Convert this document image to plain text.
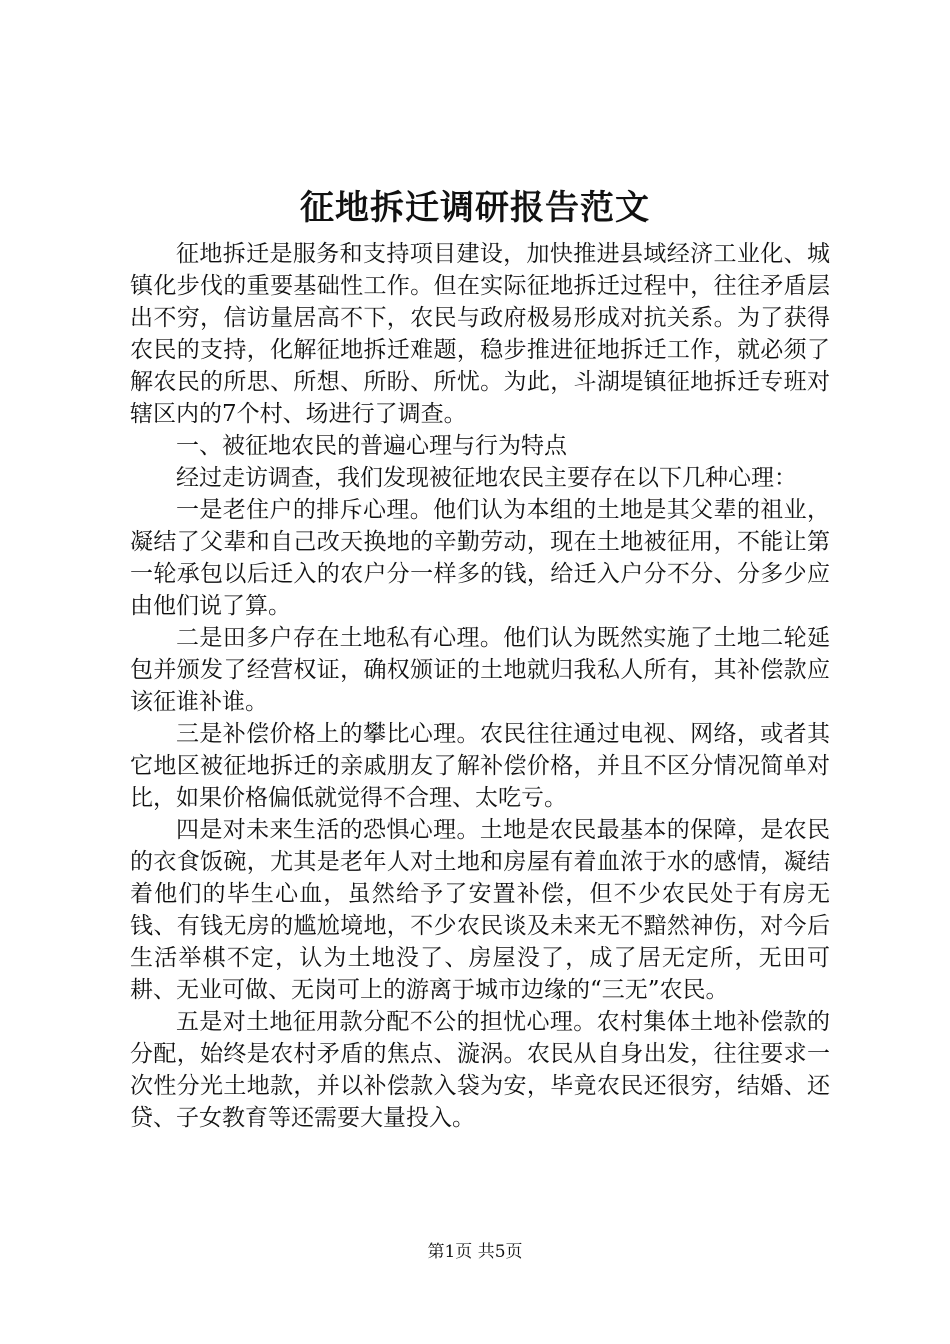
征地拆迁调研报告范文

征地拆迁是服务和支持项目建设，加快推进县域经济工业化、城镇化步伐的重要基础性工作。但在实际征地拆迁过程中，往往矛盾层出不穷，信访量居高不下，农民与政府极易形成对抗关系。为了获得农民的支持，化解征地拆迁难题，稳步推进征地拆迁工作，就必须了解农民的所思、所想、所盼、所忧。为此，斗湖堤镇征地拆迁专班对辖区内的7个村、场进行了调查。

一、被征地农民的普遍心理与行为特点

经过走访调查，我们发现被征地农民主要存在以下几种心理：

一是老住户的排斥心理。他们认为本组的土地是其父辈的祖业，凝结了父辈和自己改天换地的辛勤劳动，现在土地被征用，不能让第一轮承包以后迁入的农户分一样多的钱，给迁入户分不分、分多少应由他们说了算。

二是田多户存在土地私有心理。他们认为既然实施了土地二轮延包并颁发了经营权证，确权颁证的土地就归我私人所有，其补偿款应该征谁补谁。

三是补偿价格上的攀比心理。农民往往通过电视、网络，或者其它地区被征地拆迁的亲戚朋友了解补偿价格，并且不区分情况简单对比，如果价格偏低就觉得不合理、太吃亏。

四是对未来生活的恐惧心理。土地是农民最基本的保障，是农民的衣食饭碗，尤其是老年人对土地和房屋有着血浓于水的感情，凝结着他们的毕生心血，虽然给予了安置补偿，但不少农民处于有房无钱、有钱无房的尴尬境地，不少农民谈及未来无不黯然神伤，对今后生活举棋不定，认为土地没了、房屋没了，成了居无定所，无田可耕、无业可做、无岗可上的游离于城市边缘的“三无”农民。

五是对土地征用款分配不公的担忧心理。农村集体土地补偿款的分配，始终是农村矛盾的焦点、漩涡。农民从自身出发，往往要求一次性分光土地款，并以补偿款入袋为安，毕竟农民还很穷，结婚、还贷、子女教育等还需要大量投入。

第1页 共5页
